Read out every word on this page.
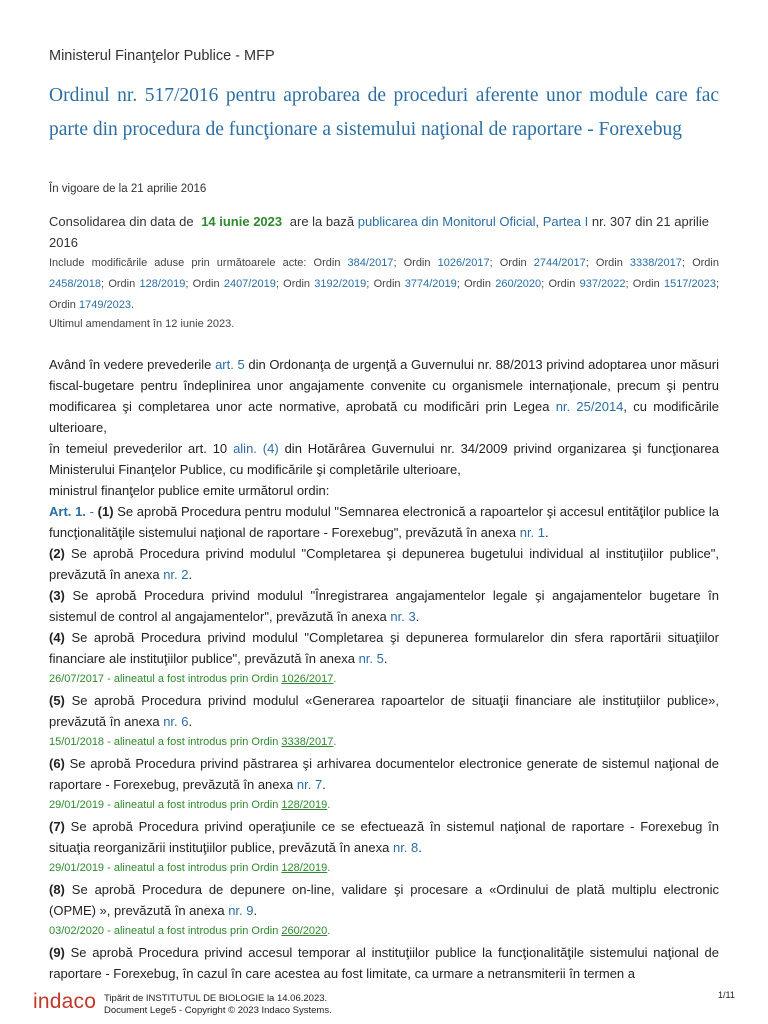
Ministerul Finanţelor Publice - MFP
Ordinul nr. 517/2016 pentru aprobarea de proceduri aferente unor module care fac parte din procedura de funcţionare a sistemului naţional de raportare - Forexebug
În vigoare de la 21 aprilie 2016
Consolidarea din data de 14 iunie 2023 are la bază publicarea din Monitorul Oficial, Partea I nr. 307 din 21 aprilie 2016
Include modificările aduse prin următoarele acte: Ordin 384/2017; Ordin 1026/2017; Ordin 2744/2017; Ordin 3338/2017; Ordin 2458/2018; Ordin 128/2019; Ordin 2407/2019; Ordin 3192/2019; Ordin 3774/2019; Ordin 260/2020; Ordin 937/2022; Ordin 1517/2023; Ordin 1749/2023.
Ultimul amendament în 12 iunie 2023.

Având în vedere prevederile art. 5 din Ordonanţa de urgenţă a Guvernului nr. 88/2013 privind adoptarea unor măsuri fiscal-bugetare pentru îndeplinirea unor angajamente convenite cu organismele internaţionale, precum şi pentru modificarea şi completarea unor acte normative, aprobată cu modificări prin Legea nr. 25/2014, cu modificările ulterioare,

în temeiul prevederilor art. 10 alin. (4) din Hotărârea Guvernului nr. 34/2009 privind organizarea şi funcţionarea Ministerului Finanţelor Publice, cu modificările şi completările ulterioare,

ministrul finanţelor publice emite următorul ordin:

Art. 1. - (1) Se aprobă Procedura pentru modulul "Semnarea electronică a rapoartelor şi accesul entităţilor publice la funcţionalităţile sistemului naţional de raportare - Forexebug", prevăzută în anexa nr. 1.

(2) Se aprobă Procedura privind modulul "Completarea şi depunerea bugetului individual al instituţiilor publice", prevăzută în anexa nr. 2.

(3) Se aprobă Procedura privind modulul "Înregistrarea angajamentelor legale şi angajamentelor bugetare în sistemul de control al angajamentelor", prevăzută în anexa nr. 3.

(4) Se aprobă Procedura privind modulul "Completarea şi depunerea formularelor din sfera raportării situaţiilor financiare ale instituţiilor publice", prevăzută în anexa nr. 5.

26/07/2017 - alineatul a fost introdus prin Ordin 1026/2017.

(5) Se aprobă Procedura privind modulul «Generarea rapoartelor de situaţii financiare ale instituţiilor publice», prevăzută în anexa nr. 6.

15/01/2018 - alineatul a fost introdus prin Ordin 3338/2017.

(6) Se aprobă Procedura privind păstrarea şi arhivarea documentelor electronice generate de sistemul naţional de raportare - Forexebug, prevăzută în anexa nr. 7.

29/01/2019 - alineatul a fost introdus prin Ordin 128/2019.

(7) Se aprobă Procedura privind operaţiunile ce se efectuează în sistemul naţional de raportare - Forexebug în situaţia reorganizării instituţiilor publice, prevăzută în anexa nr. 8.

29/01/2019 - alineatul a fost introdus prin Ordin 128/2019.

(8) Se aprobă Procedura de depunere on-line, validare şi procesare a «Ordinului de plată multiplu electronic (OPME) », prevăzută în anexa nr. 9.

03/02/2020 - alineatul a fost introdus prin Ordin 260/2020.

(9) Se aprobă Procedura privind accesul temporar al instituţiilor publice la funcţionalităţile sistemului naţional de raportare - Forexebug, în cazul în care acestea au fost limitate, ca urmare a netransmiterii în termen a

indaco Tipărit de INSTITUTUL DE BIOLOGIE la 14.06.2023.
Document Lege5 - Copyright © 2023 Indaco Systems.
1/11
